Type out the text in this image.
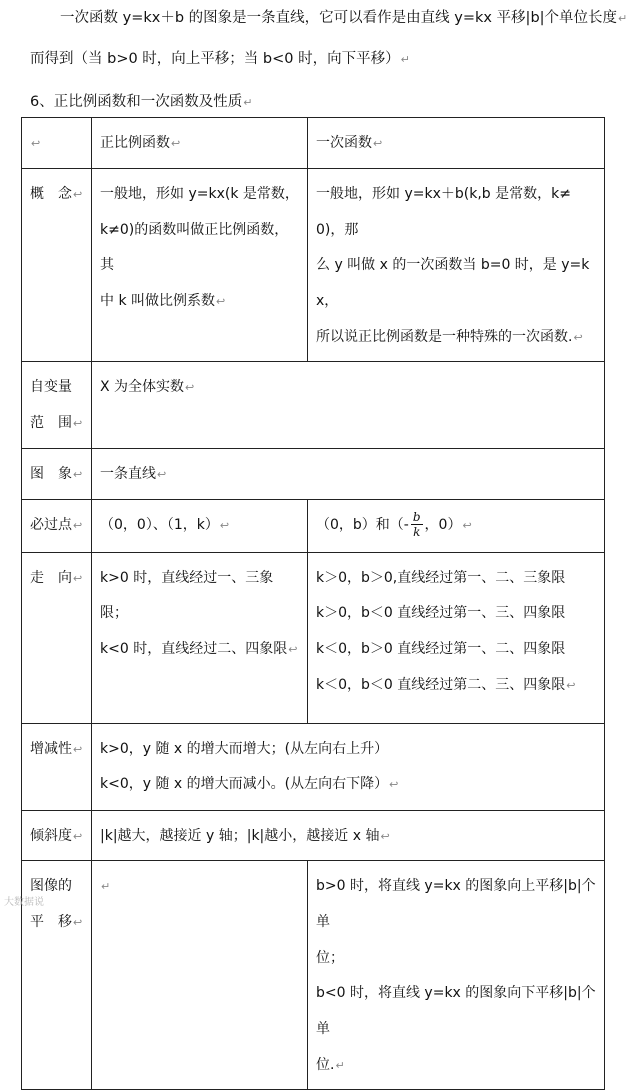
一次函数 y=kx＋b 的图象是一条直线，它可以看作是由直线 y=kx 平移|b|个单位长度↵
而得到（当 b>0 时，向上平移；当 b<0 时，向下平移）↵
6、正比例函数和一次函数及性质↵
↩	正比例函数↩	一次函数↩
概　念↩	一般地，形如 y=kx(k 是常数，
k≠0)的函数叫做正比例函数，其
中 k 叫做比例系数↩	一般地，形如 y=kx＋b(k,b 是常数，k≠0)，那
么 y 叫做 x 的一次函数当 b=0 时，是 y=kx，
所以说正比例函数是一种特殊的一次函数.↩

自变量
范　围↩	X 为全体实数↩	
图　象↩	一条直线↩	
必过点↩	（0，0）、（1，k）↩	（0，b）和（- $\frac{b}{k}$ ，0）↩
走　向↩	k>0 时，直线经过一、三象限；
k<0 时，直线经过二、四象限↩	k＞0，b＞0,直线经过第一、二、三象限
k＞0，b＜0 直线经过第一、三、四象限
k＜0，b＞0 直线经过第一、二、四象限
k＜0，b＜0 直线经过第二、三、四象限↩
增减性↩	k>0，y 随 x 的增大而增大；(从左向右上升）
k<0，y 随 x 的增大而减小。(从左向右下降）↩	
倾斜度↩	|k|越大，越接近 y 轴；|k|越小，越接近 x 轴↩	

图像的
平　移↩	↵	b>0 时，将直线 y=kx 的图象向上平移|b|个单
位；
b<0 时，将直线 y=kx 的图象向下平移|b|个单
位.↵
大数据说
